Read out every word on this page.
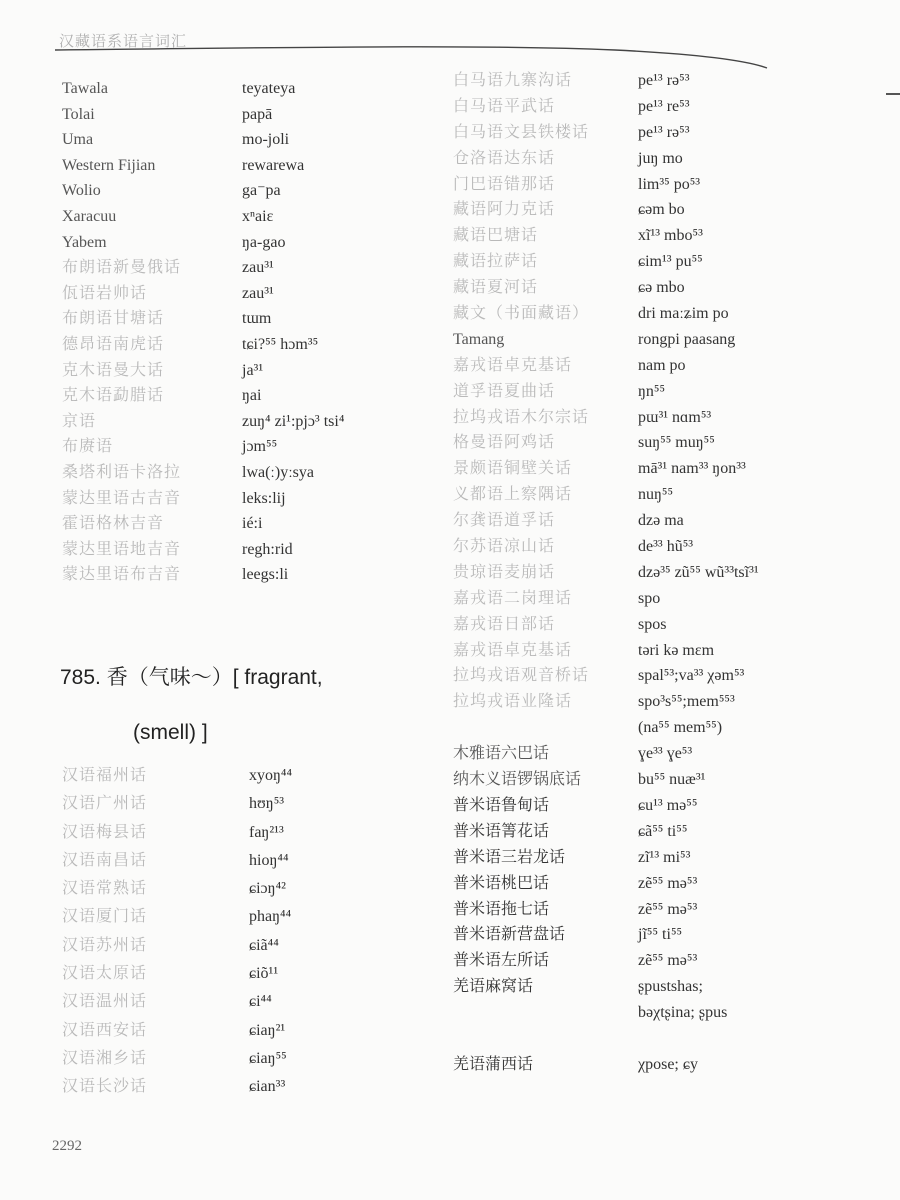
汉藏语系语言词汇
Tawala	teyateya
Tolai	papā
Uma	mo-joli
Western Fijian	rewarewa
Wolio	ga⁻pa
Xaracuu	xⁿaiɛ
Yabem	ŋa-gao
布朗语新曼俄话	zau³¹
佤语岩帅话	zau³¹
布朗语甘塘话	tɯm
德昂语南虎话	tɕi?⁵⁵ hɔm³⁵
克木语曼大话	ja³¹
克木语勐腊话	ŋai
京语	zuŋ⁴ zi¹:pjɔ³ tsi⁴
布赓语	jɔm⁵⁵
桑塔利语卡洛拉	lwa(ː)yːsya
蒙达里语古吉音	leks:lij
霍语格林吉音	ié:i
蒙达里语地吉音	regh:rid
蒙达里语布吉音	leegs:li
785. 香（气味～）[ fragrant,
(smell) ]
汉语福州话	xyoŋ⁴⁴
汉语广州话	hʊŋ⁵³
汉语梅县话	faŋ²¹³
汉语南昌话	hioŋ⁴⁴
汉语常熟话	ɕiɔŋ⁴²
汉语厦门话	phaŋ⁴⁴
汉语苏州话	ɕiã⁴⁴
汉语太原话	ɕiõ¹¹
汉语温州话	ɕi⁴⁴
汉语西安话	ɕiaŋ²¹
汉语湘乡话	ɕiaŋ⁵⁵
汉语长沙话	ɕian³³
白马语九寨沟话	pe¹³ rə⁵³
白马语平武话	pe¹³ re⁵³
白马语文县铁楼话	pe¹³ rə⁵³
仓洛语达东话	juŋ mo
门巴语错那话	lim³⁵ po⁵³
藏语阿力克话	ɕəm bo
藏语巴塘话	xĩ¹³ mbo⁵³
藏语拉萨话	ɕim¹³ pu⁵⁵
藏语夏河话	ɕə mbo
藏文（书面藏语）	dri maːʑim po
Tamang	rongpi paasang
嘉戎语卓克基话	nam po
道孚语夏曲话	ŋn⁵⁵
拉坞戎语木尔宗话	pɯ³¹ nɑm⁵³
格曼语阿鸡话	suŋ⁵⁵ muŋ⁵⁵
景颇语铜壁关话	mā³¹ nam³³ ŋon³³
义都语上察隅话	nuŋ⁵⁵
尔龚语道孚话	dzə ma
尔苏语凉山话	de³³ hũ⁵³
贵琼语麦崩话	dzə³⁵ zũ⁵⁵ wũ³³tsĩ³¹
嘉戎语二岗理话	spo
嘉戎语日部话	spos
嘉戎语卓克基话	təri kə mɛm
拉坞戎语观音桥话	spal⁵³;va³³ χəm⁵³
拉坞戎语业隆话	spo³s⁵⁵;mem⁵⁵³
(na⁵⁵ mem⁵⁵)
木雅语六巴话	ɣe³³ ɣe⁵³
纳木义语锣锅底话	bu⁵⁵ nuæ³¹
普米语鲁甸话	ɕu¹³ mə⁵⁵
普米语箐花话	ɕã⁵⁵ ti⁵⁵
普米语三岩龙话	zĩ¹³ mi⁵³
普米语桃巴话	zẽ⁵⁵ mə⁵³
普米语拖七话	zẽ⁵⁵ mə⁵³
普米语新营盘话	jĩ⁵⁵ ti⁵⁵
普米语左所话	zẽ⁵⁵ mə⁵³
羌语麻窝话	ʂpustshas;
bəχtʂina; ʂpus
羌语蒲西话	χpose; ɕy
2292
